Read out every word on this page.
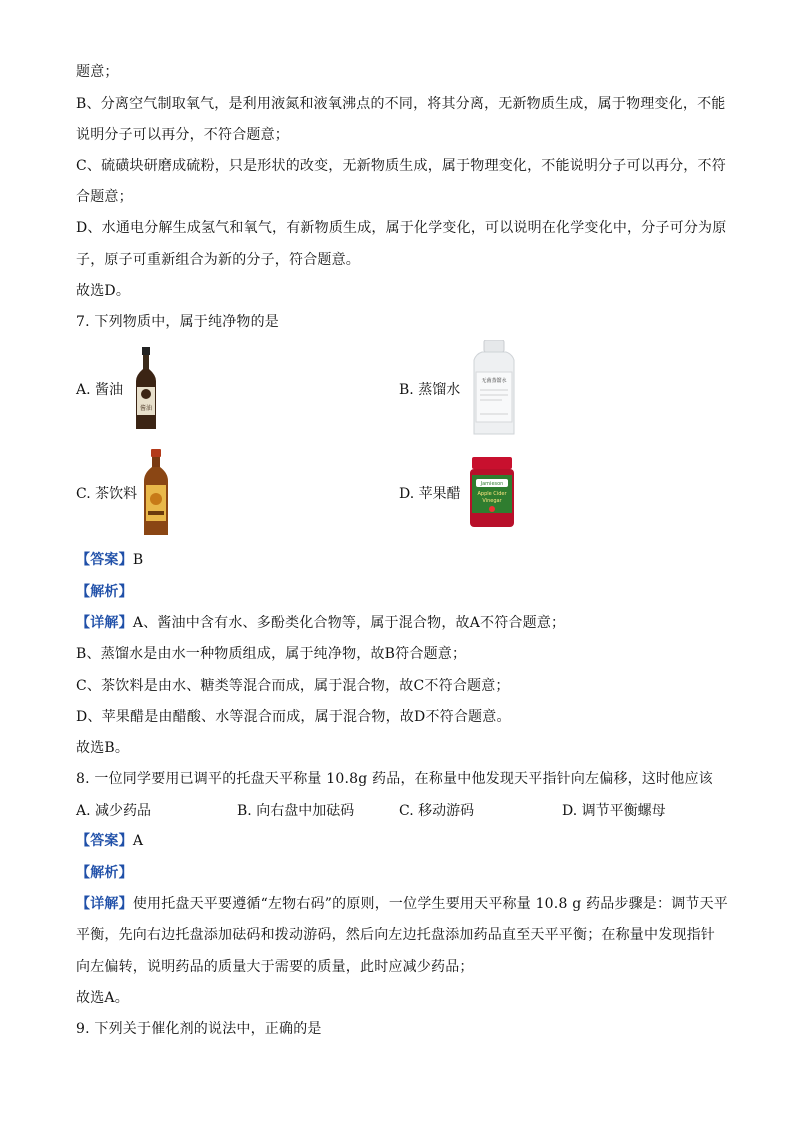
题意；
B、分离空气制取氧气，是利用液氮和液氧沸点的不同，将其分离，无新物质生成，属于物理变化，不能
说明分子可以再分，不符合题意；
C、硫磺块研磨成硫粉，只是形状的改变，无新物质生成，属于物理变化，不能说明分子可以再分，不符
合题意；
D、水通电分解生成氢气和氧气，有新物质生成，属于化学变化，可以说明在化学变化中，分子可分为原
子，原子可重新组合为新的分子，符合题意。
故选D。
7. 下列物质中，属于纯净物的是
A. 酱油
酱油
B. 蒸馏水
无菌蒸馏水
C. 茶饮料	D. 苹果醋
Jamieson
Apple Cider
Vinegar
【答案】B
【解析】
【详解】A、酱油中含有水、多酚类化合物等，属于混合物，故A不符合题意；
B、蒸馏水是由水一种物质组成，属于纯净物，故B符合题意；
C、茶饮料是由水、糖类等混合而成，属于混合物，故C不符合题意；
D、苹果醋是由醋酸、水等混合而成，属于混合物，故D不符合题意。
故选B。
8. 一位同学要用已调平的托盘天平称量 10.8g 药品，在称量中他发现天平指针向左偏移，这时他应该
A. 减少药品	B. 向右盘中加砝码	C. 移动游码	D. 调节平衡螺母
【答案】A
【解析】
【详解】使用托盘天平要遵循“左物右码”的原则，一位学生要用天平称量 10.8 g 药品步骤是：调节天平
平衡，先向右边托盘添加砝码和拨动游码，然后向左边托盘添加药品直至天平平衡；在称量中发现指针
向左偏转，说明药品的质量大于需要的质量，此时应减少药品；
故选A。
9. 下列关于催化剂的说法中，正确的是
